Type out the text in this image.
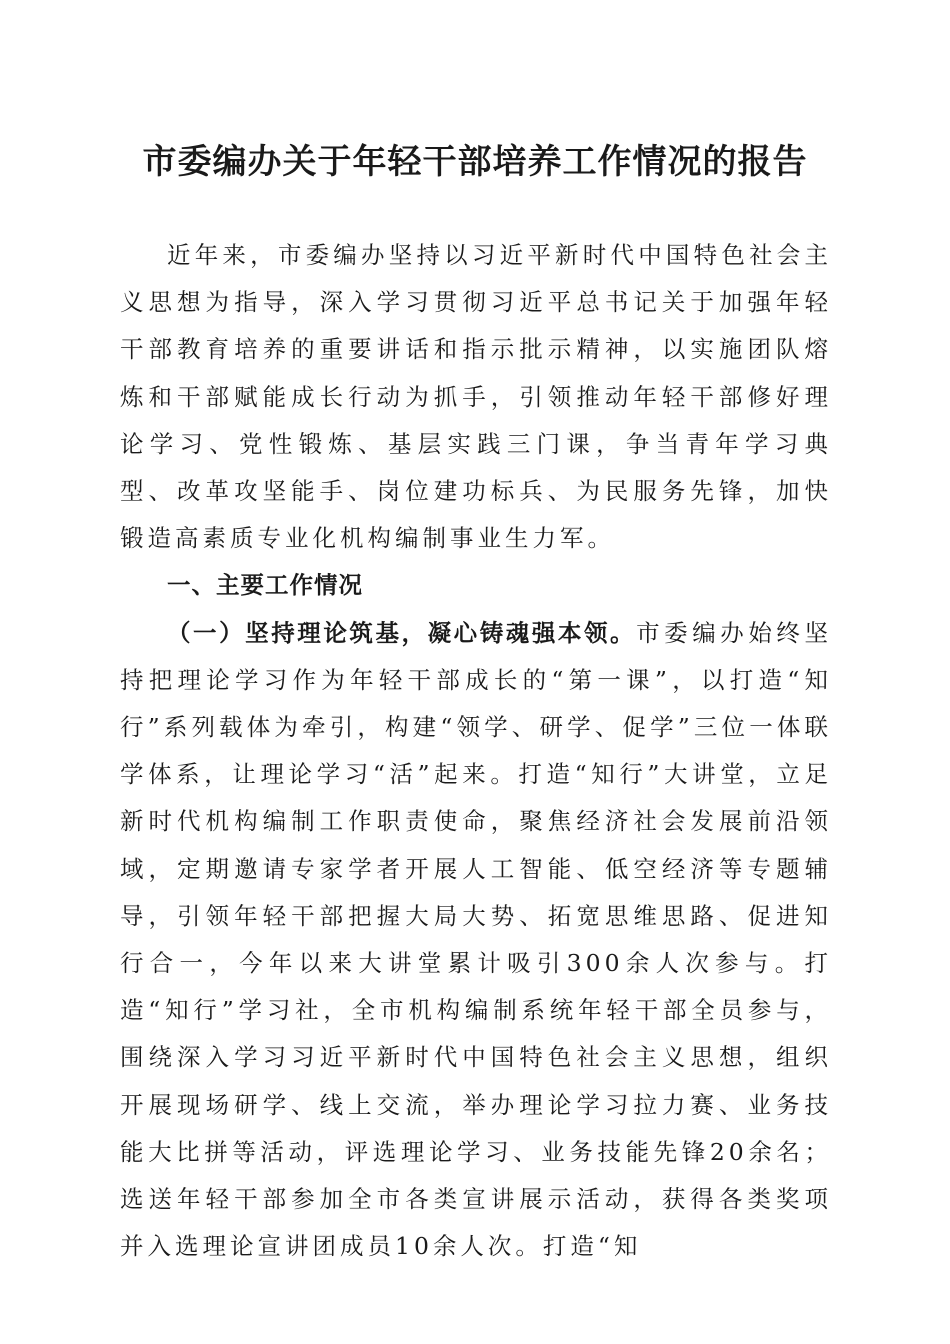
市委编办关于年轻干部培养工作情况的报告

近年来，市委编办坚持以习近平新时代中国特色社会主义思想为指导，深入学习贯彻习近平总书记关于加强年轻干部教育培养的重要讲话和指示批示精神，以实施团队熔炼和干部赋能成长行动为抓手，引领推动年轻干部修好理论学习、党性锻炼、基层实践三门课，争当青年学习典型、改革攻坚能手、岗位建功标兵、为民服务先锋，加快锻造高素质专业化机构编制事业生力军。

一、主要工作情况

（一）坚持理论筑基，凝心铸魂强本领。市委编办始终坚持把理论学习作为年轻干部成长的“第一课”，以打造“知行”系列载体为牵引，构建“领学、研学、促学”三位一体联学体系，让理论学习“活”起来。打造“知行”大讲堂，立足新时代机构编制工作职责使命，聚焦经济社会发展前沿领域，定期邀请专家学者开展人工智能、低空经济等专题辅导，引领年轻干部把握大局大势、拓宽思维思路、促进知行合一，今年以来大讲堂累计吸引300余人次参与。打造“知行”学习社，全市机构编制系统年轻干部全员参与，围绕深入学习习近平新时代中国特色社会主义思想，组织开展现场研学、线上交流，举办理论学习拉力赛、业务技能大比拼等活动，评选理论学习、业务技能先锋20余名；选送年轻干部参加全市各类宣讲展示活动，获得各类奖项并入选理论宣讲团成员10余人次。打造“知
